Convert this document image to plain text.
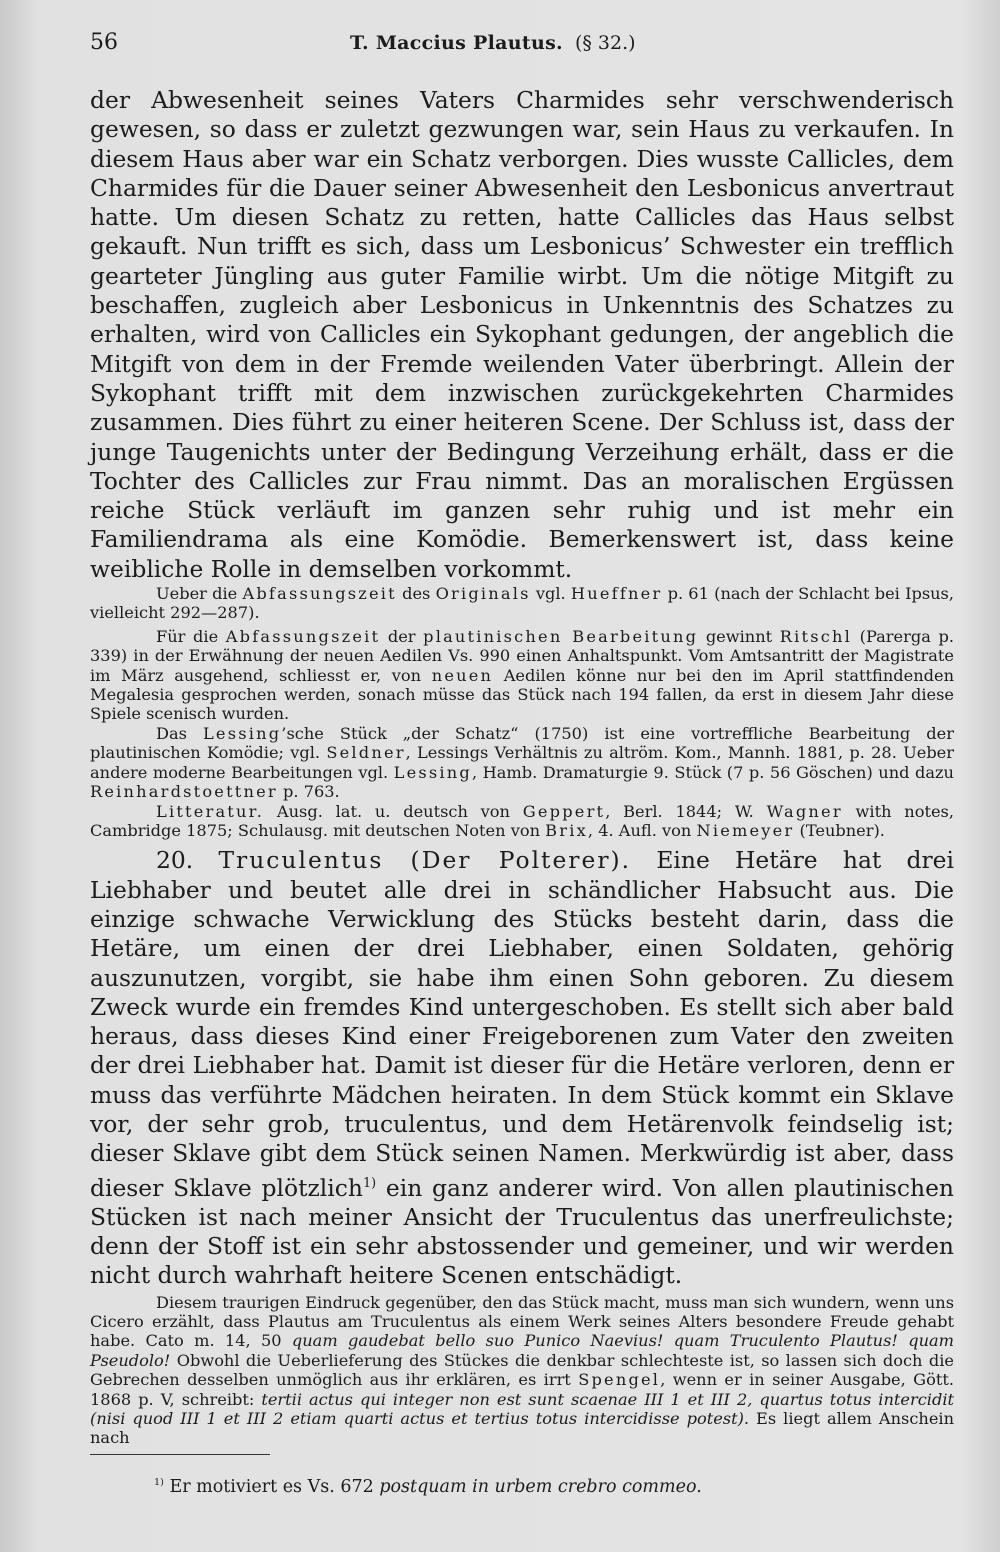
56	T. Maccius Plautus. (§ 32.)

der Abwesenheit seines Vaters Charmides sehr verschwenderisch gewesen, so dass er zuletzt gezwungen war, sein Haus zu verkaufen. In diesem Haus aber war ein Schatz verborgen. Dies wusste Callicles, dem Charmides für die Dauer seiner Abwesenheit den Lesbonicus anvertraut hatte. Um diesen Schatz zu retten, hatte Callicles das Haus selbst gekauft. Nun trifft es sich, dass um Lesbonicus’ Schwester ein trefflich gearteter Jüngling aus guter Familie wirbt. Um die nötige Mitgift zu beschaffen, zugleich aber Lesbonicus in Unkenntnis des Schatzes zu erhalten, wird von Callicles ein Sykophant gedungen, der angeblich die Mitgift von dem in der Fremde weilenden Vater überbringt. Allein der Sykophant trifft mit dem inzwischen zurückgekehrten Charmides zusammen. Dies führt zu einer heiteren Scene. Der Schluss ist, dass der junge Taugenichts unter der Bedingung Verzeihung erhält, dass er die Tochter des Callicles zur Frau nimmt. Das an moralischen Ergüssen reiche Stück verläuft im ganzen sehr ruhig und ist mehr ein Familiendrama als eine Komödie. Bemerkenswert ist, dass keine weibliche Rolle in demselben vorkommt.

Ueber die Abfassungszeit des Originals vgl. Hueffner p. 61 (nach der Schlacht bei Ipsus, vielleicht 292—287).

Für die Abfassungszeit der plautinischen Bearbeitung gewinnt Ritschl (Parerga p. 339) in der Erwähnung der neuen Aedilen Vs. 990 einen Anhaltspunkt. Vom Amtsantritt der Magistrate im März ausgehend, schliesst er, von neuen Aedilen könne nur bei den im April stattfindenden Megalesia gesprochen werden, sonach müsse das Stück nach 194 fallen, da erst in diesem Jahr diese Spiele scenisch wurden.

Das Lessing’sche Stück „der Schatz“ (1750) ist eine vortreffliche Bearbeitung der plautinischen Komödie; vgl. Seldner, Lessings Verhältnis zu altröm. Kom., Mannh. 1881, p. 28. Ueber andere moderne Bearbeitungen vgl. Lessing, Hamb. Dramaturgie 9. Stück (7 p. 56 Göschen) und dazu Reinhardstoettner p. 763.

Litteratur. Ausg. lat. u. deutsch von Geppert, Berl. 1844; W. Wagner with notes, Cambridge 1875; Schulausg. mit deutschen Noten von Brix, 4. Aufl. von Niemeyer (Teubner).

20. Truculentus (Der Polterer). Eine Hetäre hat drei Liebhaber und beutet alle drei in schändlicher Habsucht aus. Die einzige schwache Verwicklung des Stücks besteht darin, dass die Hetäre, um einen der drei Liebhaber, einen Soldaten, gehörig auszunutzen, vorgibt, sie habe ihm einen Sohn geboren. Zu diesem Zweck wurde ein fremdes Kind untergeschoben. Es stellt sich aber bald heraus, dass dieses Kind einer Freigeborenen zum Vater den zweiten der drei Liebhaber hat. Damit ist dieser für die Hetäre verloren, denn er muss das verführte Mädchen heiraten. In dem Stück kommt ein Sklave vor, der sehr grob, truculentus, und dem Hetärenvolk feindselig ist; dieser Sklave gibt dem Stück seinen Namen. Merkwürdig ist aber, dass dieser Sklave plötzlich$^{1)}$ ein ganz anderer wird. Von allen plautinischen Stücken ist nach meiner Ansicht der Truculentus das unerfreulichste; denn der Stoff ist ein sehr abstossender und gemeiner, und wir werden nicht durch wahrhaft heitere Scenen entschädigt.

Diesem traurigen Eindruck gegenüber, den das Stück macht, muss man sich wundern, wenn uns Cicero erzählt, dass Plautus am Truculentus als einem Werk seines Alters besondere Freude gehabt habe. Cato m. 14, 50 quam gaudebat bello suo Punico Naevius! quam Truculento Plautus! quam Pseudolo! Obwohl die Ueberlieferung des Stückes die denkbar schlechteste ist, so lassen sich doch die Gebrechen desselben unmöglich aus ihr erklären, es irrt Spengel, wenn er in seiner Ausgabe, Gött. 1868 p. V, schreibt: tertii actus qui integer non est sunt scaenae III 1 et III 2, quartus totus intercidit (nisi quod III 1 et III 2 etiam quarti actus et tertius totus intercidisse potest). Es liegt allem Anschein nach

$^{1)}$ Er motiviert es Vs. 672 postquam in urbem crebro commeo.
